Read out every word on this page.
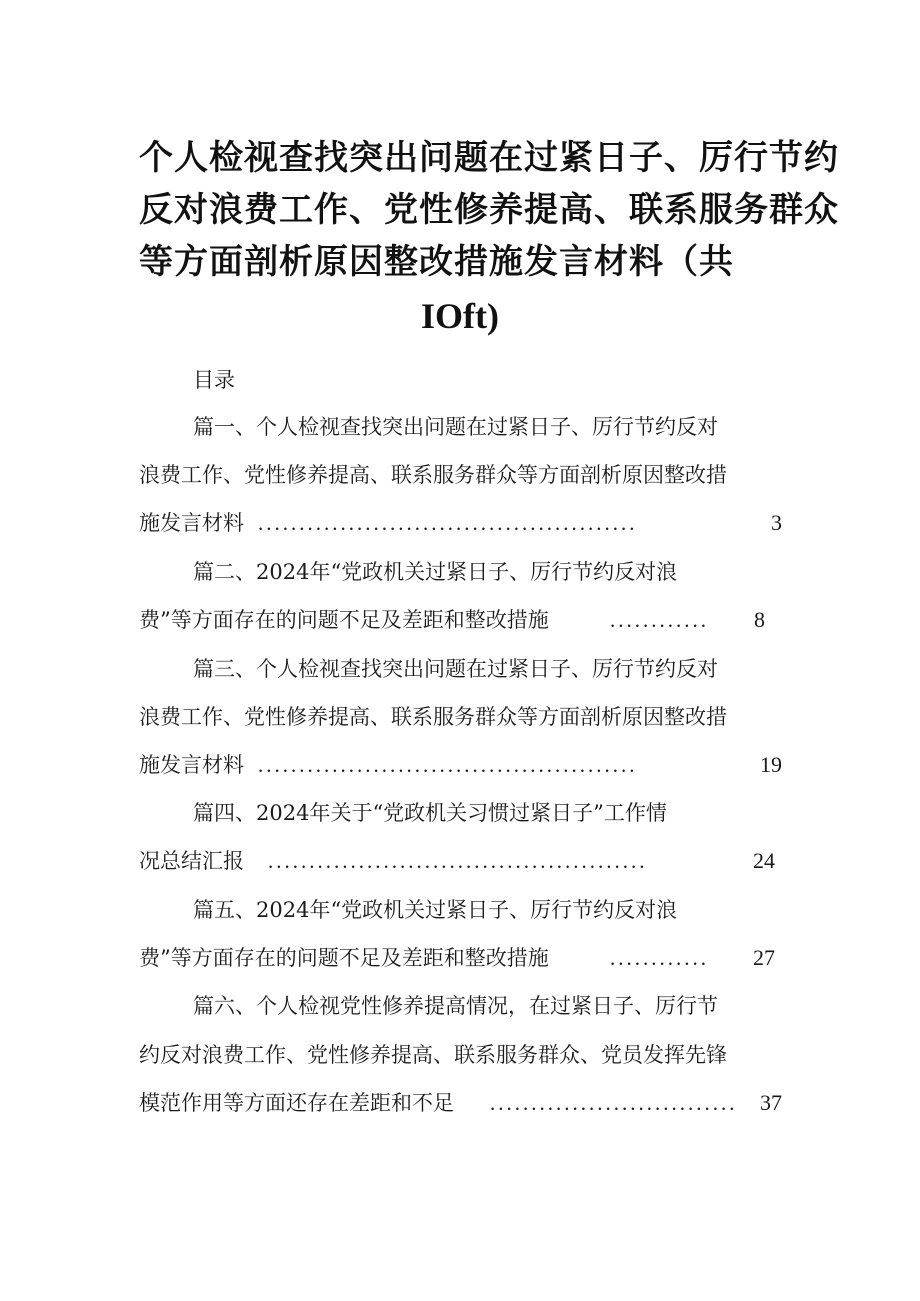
个人检视查找突出问题在过紧日子、厉行节约
反对浪费工作、党性修养提高、联系服务群众
等方面剖析原因整改措施发言材料（共
IOft)
目录
篇一、个人检视查找突出问题在过紧日子、厉行节约反对
浪费工作、党性修养提高、联系服务群众等方面剖析原因整改措
施发言材料 ..............................................	3
篇二、2024年“党政机关过紧日子、厉行节约反对浪
费”等方面存在的问题不足及差距和整改措施	............	8
篇三、个人检视查找突出问题在过紧日子、厉行节约反对
浪费工作、党性修养提高、联系服务群众等方面剖析原因整改措
施发言材料 ..............................................	19
篇四、2024年关于“党政机关习惯过紧日子”工作情
况总结汇报 ..............................................	24
篇五、2024年“党政机关过紧日子、厉行节约反对浪
费”等方面存在的问题不足及差距和整改措施	............	27
篇六、个人检视党性修养提高情况，在过紧日子、厉行节
约反对浪费工作、党性修养提高、联系服务群众、党员发挥先锋
模范作用等方面还存在差距和不足 ..............................	37
